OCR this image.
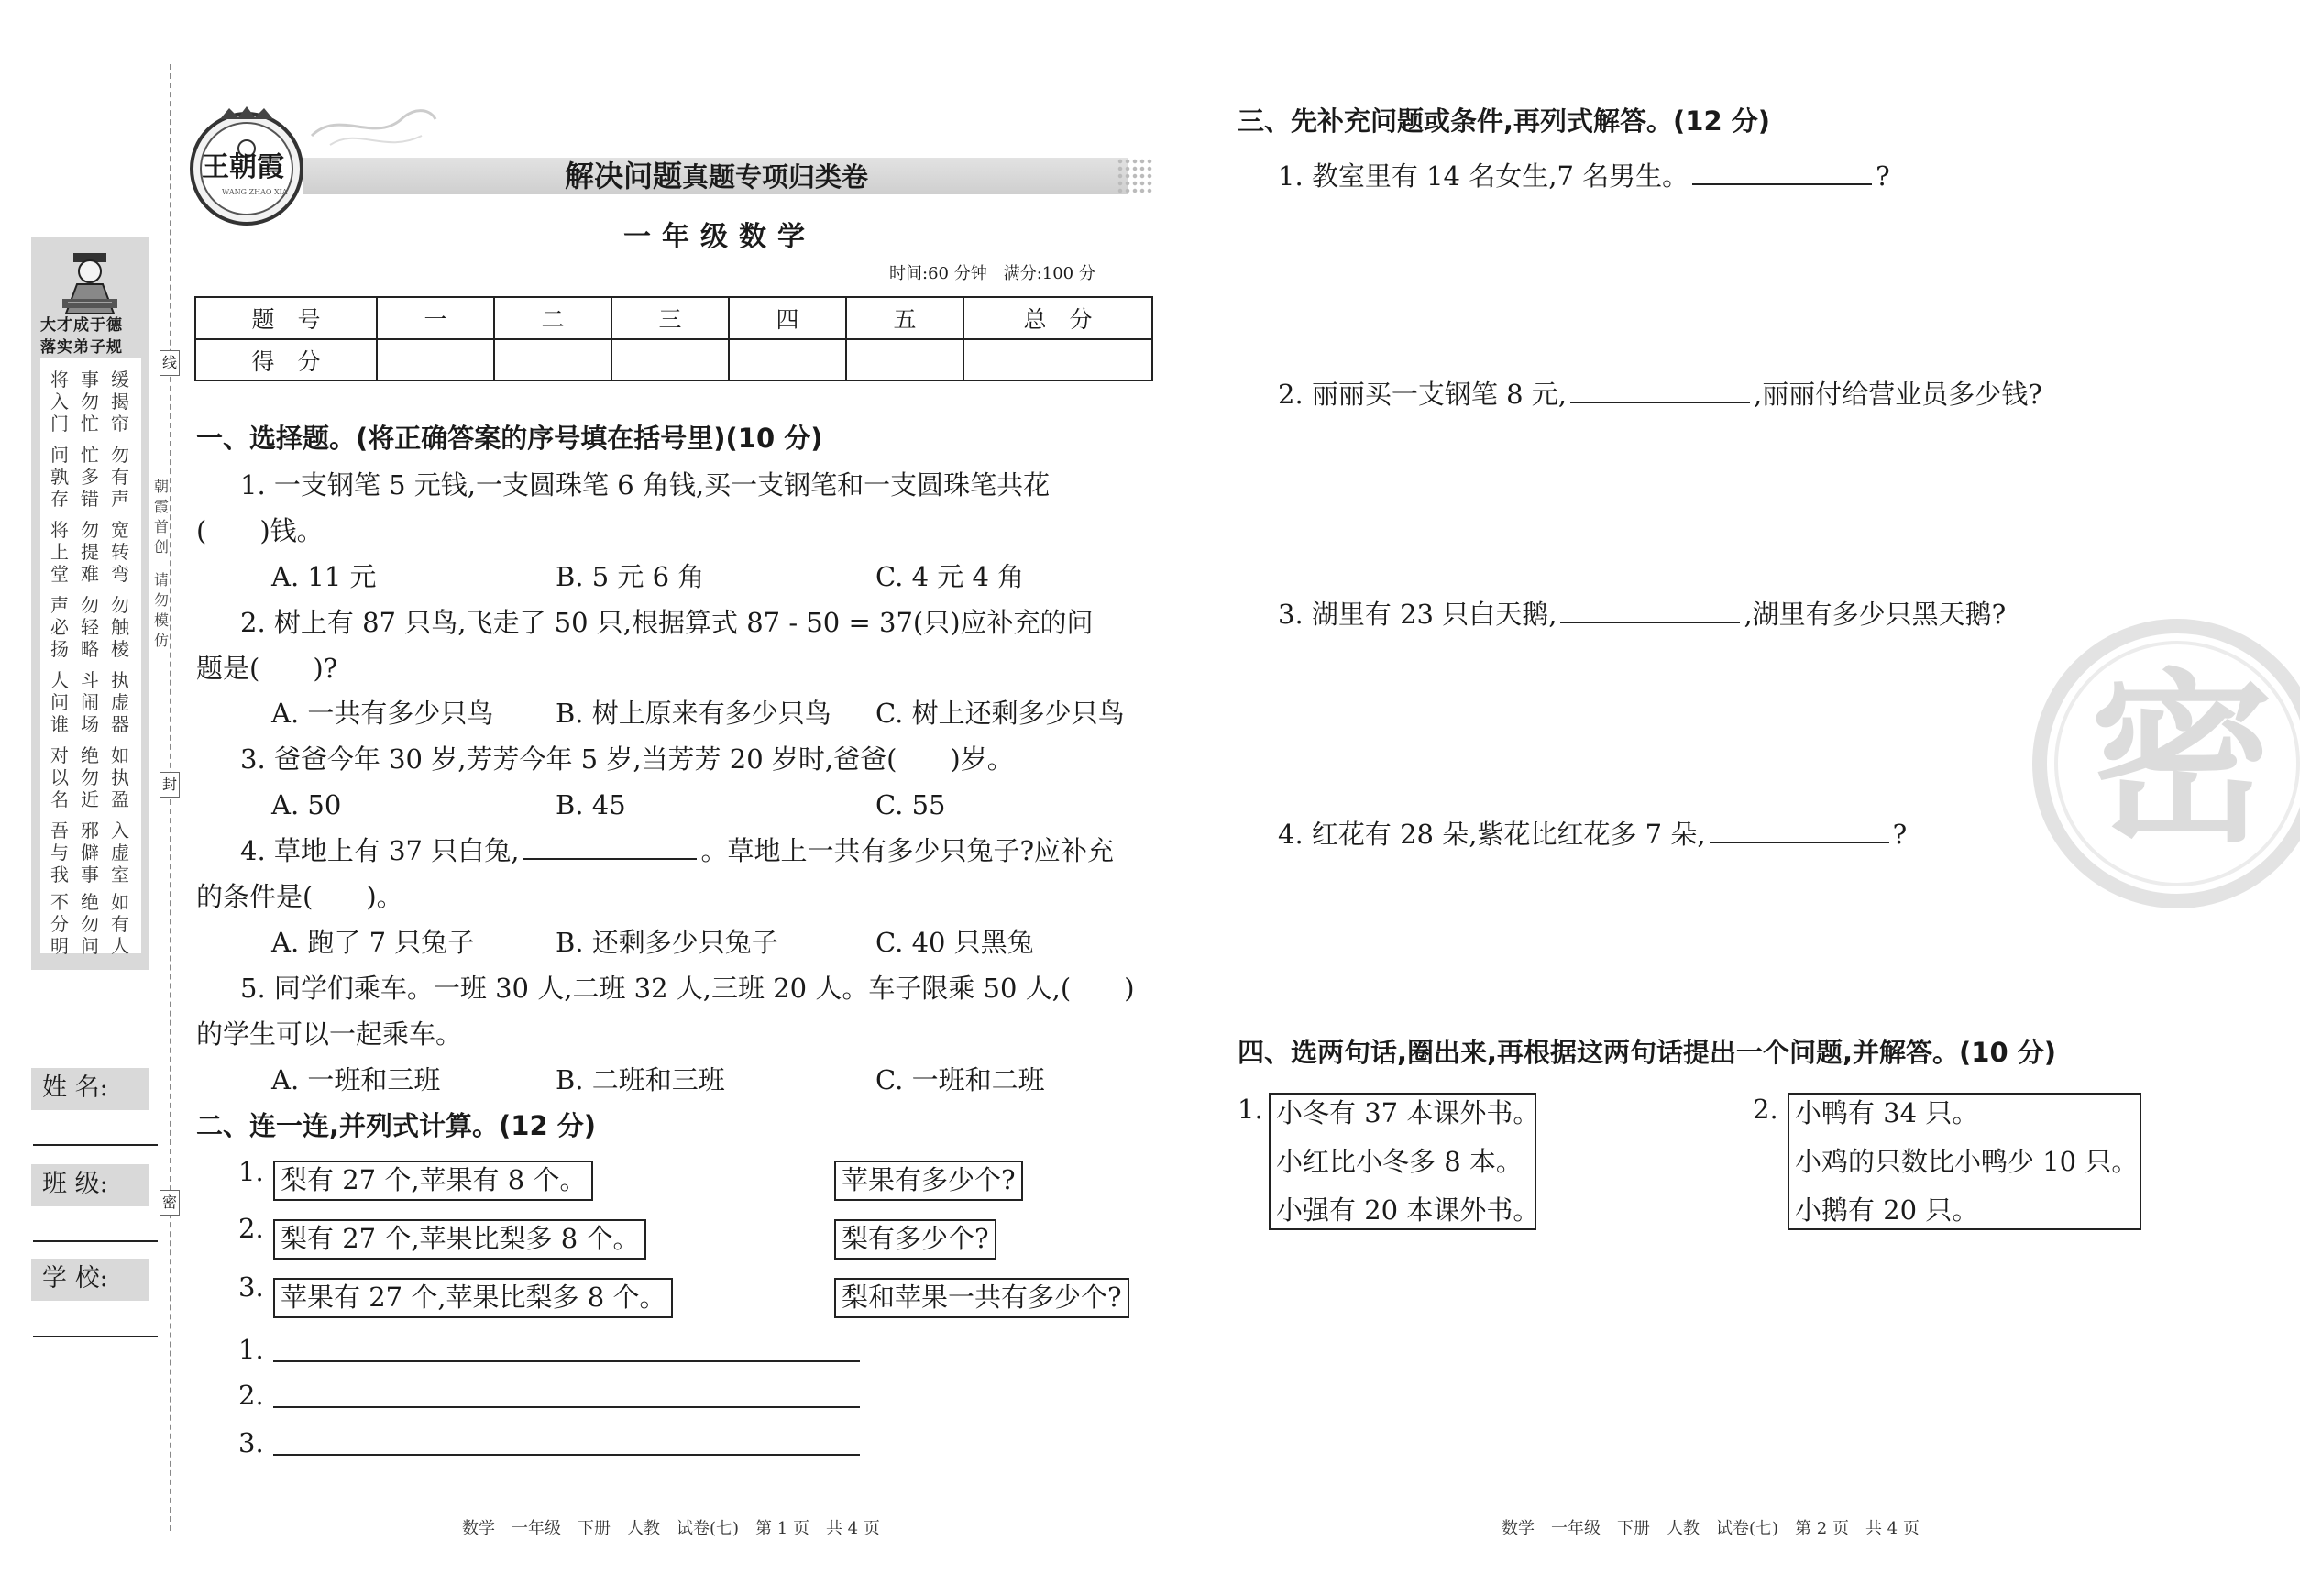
大才成于德
落实弟子规
将入门
事勿忙
缓揭帘
问孰存
忙多错
勿有声
将上堂
勿提难
宽转弯
声必扬
勿轻略
勿触棱
人问谁
斗闹场
执虚器
对以名
绝勿近
如执盈
吾与我
邪僻事
入虚室
不分明
绝勿问
如有人
朝霞首创
请勿模仿
线
封
密
姓 名:
班 级:
学 校:
王朝霞
WANG ZHAO XIA	解决问题真题专项归类卷
一年级数学
时间:60 分钟　满分:100 分
题　号	一	二	三	四	五	总　分
得　分						
一、选择题。(将正确答案的序号填在括号里)(10 分)
1. 一支钢笔 5 元钱,一支圆珠笔 6 角钱,买一支钢笔和一支圆珠笔共花
(　　)钱。
A. 11 元	B. 5 元 6 角	C. 4 元 4 角
2. 树上有 87 只鸟,飞走了 50 只,根据算式 87 - 50 = 37(只)应补充的问
题是(　　)?
A. 一共有多少只鸟 B. 树上原来有多少只鸟 C. 树上还剩多少只鸟
3. 爸爸今年 30 岁,芳芳今年 5 岁,当芳芳 20 岁时,爸爸(　　)岁。
A. 50	B. 45	C. 55
4. 草地上有 37 只白兔,	。草地上一共有多少只兔子?应补充
的条件是(　　)。
A. 跑了 7 只兔子	B. 还剩多少只兔子	C. 40 只黑兔
5. 同学们乘车。一班 30 人,二班 32 人,三班 20 人。车子限乘 50 人,(　　)
的学生可以一起乘车。
A. 一班和三班	B. 二班和三班	C. 一班和二班
二、连一连,并列式计算。(12 分)
1. 梨有 27 个,苹果有 8 个。	苹果有多少个?
2. 梨有 27 个,苹果比梨多 8 个。	梨有多少个?
3. 苹果有 27 个,苹果比梨多 8 个。	梨和苹果一共有多少个?
1.
2.
3.
数学　一年级　下册　人教　试卷(七)　第 1 页　共 4 页
密
三、先补充问题或条件,再列式解答。(12 分)
1. 教室里有 14 名女生,7 名男生。	?
2. 丽丽买一支钢笔 8 元,	,丽丽付给营业员多少钱?
3. 湖里有 23 只白天鹅,	,湖里有多少只黑天鹅?
4. 红花有 28 朵,紫花比红花多 7 朵,	?
四、选两句话,圈出来,再根据这两句话提出一个问题,并解答。(10 分)
1. 小冬有 37 本课外书。
小红比小冬多 8 本。
小强有 20 本课外书。
2. 小鸭有 34 只。
小鸡的只数比小鸭少 10 只。
小鹅有 20 只。
数学　一年级　下册　人教　试卷(七)　第 2 页　共 4 页
